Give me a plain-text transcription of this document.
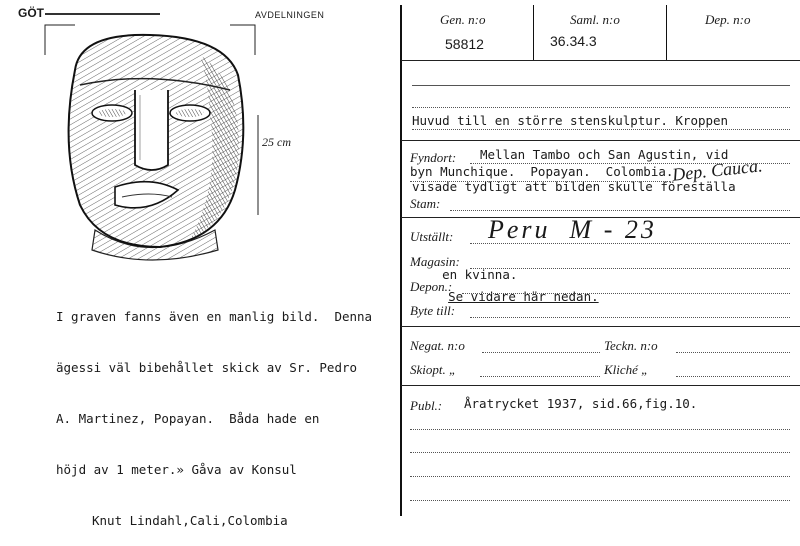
GÖT	AVDELNINGEN
25 cm

I graven fanns även en manlig bild.  Denna

ägessi väl bibehållet skick av Sr. Pedro

A. Martinez, Popayan.  Båda hade en

höjd av 1 meter.» Gåva av Konsul

Knut Lindahl,Cali,Colombia

Gen. n:o
58812
Saml. n:o
36.34.3
Dep. n:o

Huvud till en större stenskulptur. Kroppen

visade tydligt att bilden skulle föreställa

en kvinna.
Se vidare här nedan.

Fyndort: Mellan Tambo och San Agustin, vid
byn Munchique.  Popayan.  Colombia.
Dep. Cauca.
Stam:
Utställt: Peru  M - 23
Magasin:
Depon.:
Byte till:
Negat. n:o	Teckn. n:o
Skiopt. „	Kliché „
Publ.: Åratrycket 1937, sid.66,fig.10.
